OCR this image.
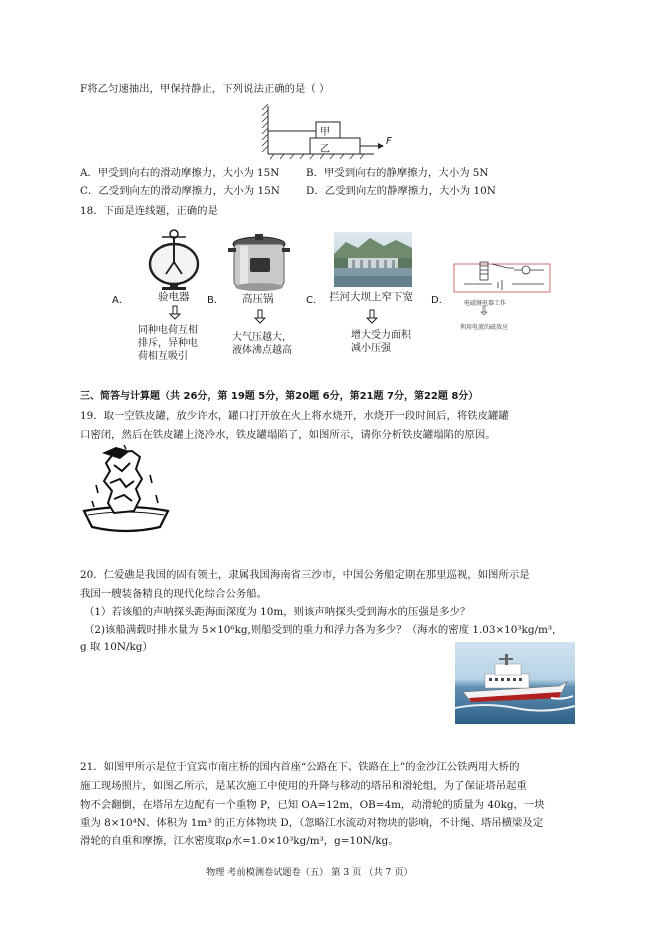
F将乙匀速抽出，甲保持静止，下列说法正确的是（ ）
甲
乙
F
A．甲受到向右的滑动摩擦力，大小为 15N	B．甲受到向右的静摩擦力，大小为 5N
C．乙受到向左的滑动摩擦力，大小为 15N	D．乙受到向左的静摩擦力，大小为 10N
18．下面是连线题，正确的是
A．	验电器
同种电荷互相
排斥，异种电
荷相互吸引
B． 高压锅
大气压越大，
液体沸点越高
C． 拦河大坝上窄下宽
增大受力面积
减小压强
D．	电磁继电器工作
利用电流的磁效应
三、简答与计算题（共 26分，第 19题 5分，第20题 6分，第21题 7分，第22题 8分）
19．取一空铁皮罐，放少许水，罐口打开放在火上将水烧开，水烧开一段时间后，将铁皮罐罐
口密闭，然后在铁皮罐上浇冷水，铁皮罐塌陷了，如图所示，请你分析铁皮罐塌陷的原因。
20．仁爱礁是我国的固有领土，隶属我国海南省三沙市，中国公务船定期在那里巡视，如图所示是
我国一艘装备精良的现代化综合公务船。
（1）若该船的声呐探头距海面深度为 10m，则该声呐探头受到海水的压强是多少？
（2)该船满载时排水量为 5×10⁶kg,则船受到的重力和浮力各为多少？（海水的密度 1.03×10³kg/m³，
g 取 10N/kg）
21．如图甲所示是位于宜宾市南庄桥的国内首座“公路在下、铁路在上”的金沙江公铁两用大桥的
施工现场照片，如图乙所示，是某次施工中使用的升降与移动的塔吊和滑轮组，为了保证塔吊起重
物不会翻倒，在塔吊左边配有一个重物 P，已知 OA=12m，OB=4m，动滑轮的质量为 40kg，一块
重为 8×10⁴N、体积为 1m³ 的正方体物块 D，（忽略江水流动对物块的影响，不计绳、塔吊横梁及定
滑轮的自重和摩擦，江水密度取ρ水=1.0×10³kg/m³，g=10N/kg。
物理 考前模测卷试题卷（五） 第 3 页 （共 7 页）
